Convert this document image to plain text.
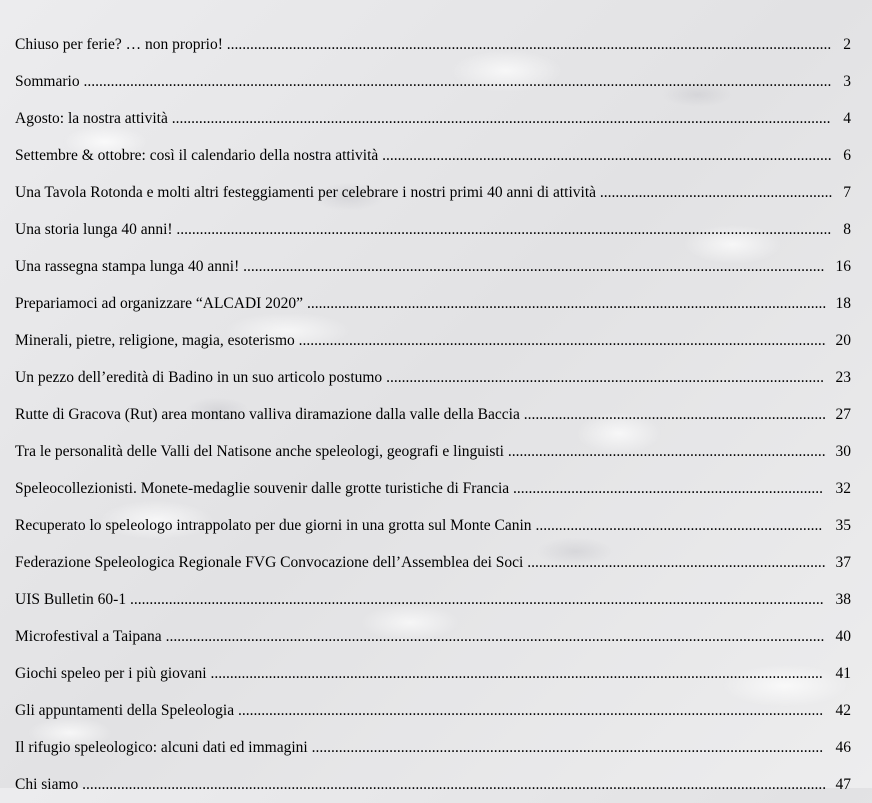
Chiuso per ferie? … non proprio! ............................................................................................................................................................ 2
Sommario ................................................................................................................................................................................................. 3
Agosto: la nostra attività .......................................................................................................................................................................... 4
Settembre & ottobre: così il calendario della nostra attività .................................................................................................................... 6
Una Tavola Rotonda e molti altri festeggiamenti per celebrare i nostri primi 40 anni di attività ............................................................ 7
Una storia lunga 40 anni! ......................................................................................................................................................................... 8
Una rassegna stampa lunga 40 anni! ...................................................................................................................................................... 16
Prepariamoci ad organizzare “ALCADI 2020” ...................................................................................................................................... 18
Minerali, pietre, religione, magia, esoterismo ........................................................................................................................................ 20
Un pezzo dell’eredità di Badino in un suo articolo postumo ................................................................................................................. 23
Rutte di Gracova (Rut) area montano valliva diramazione dalla valle della Baccia .............................................................................. 27
Tra le personalità delle Valli del Natisone anche speleologi, geografi e linguisti .................................................................................. 30
Speleocollezionisti. Monete-medaglie souvenir dalle grotte turistiche di Francia ................................................................................ 32
Recuperato lo speleologo intrappolato per due giorni in una grotta sul Monte Canin .......................................................................... 35
Federazione Speleologica Regionale FVG Convocazione dell’Assemblea dei Soci ............................................................................. 37
UIS Bulletin 60-1 ................................................................................................................................................................................... 38
Microfestival a Taipana .......................................................................................................................................................................... 40
Giochi speleo per i più giovani .............................................................................................................................................................. 41
Gli appuntamenti della Speleologia ....................................................................................................................................................... 42
Il rifugio speleologico: alcuni dati ed immagini .................................................................................................................................... 46
Chi siamo ................................................................................................................................................................................................ 47
